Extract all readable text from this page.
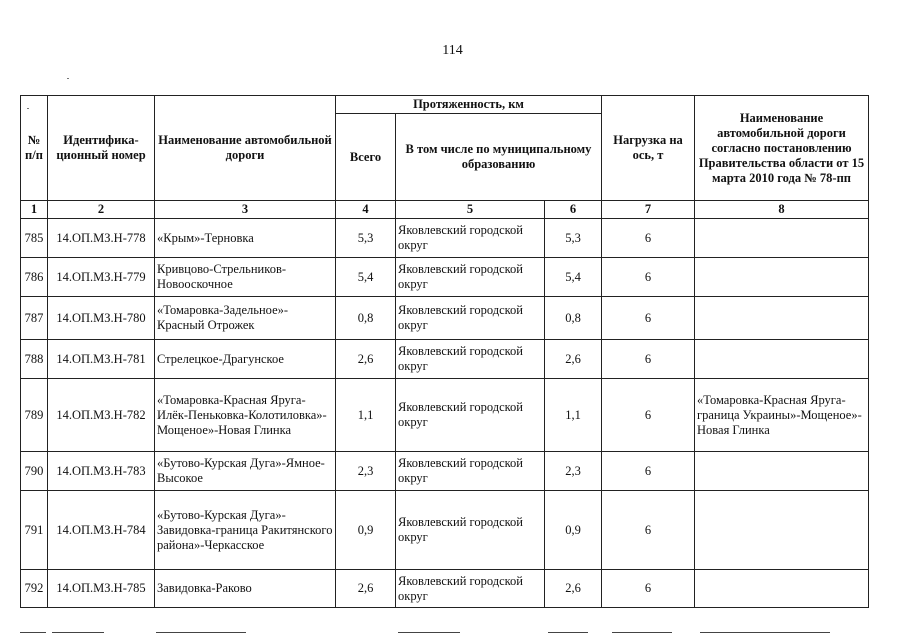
114
№ п/п	Идентифика-ционный номер	Наименование автомобильной дороги	Протяженность, км			Нагрузка на ось, т	Наименование автомобильной дороги согласно постановлению Правительства области от 15 марта 2010 года № 78-пп
			Всего	В том числе по муниципальному образованию			
1	2	3	4	5	6	7	8
785	14.ОП.МЗ.Н-778	«Крым»-Терновка	5,3	Яковлевский городской округ	5,3	6	
786	14.ОП.МЗ.Н-779	Кривцово-Стрельников-Новооскочное	5,4	Яковлевский городской округ	5,4	6	
787	14.ОП.МЗ.Н-780	«Томаровка-Задельное»-Красный Отрожек	0,8	Яковлевский городской округ	0,8	6	
788	14.ОП.МЗ.Н-781	Стрелецкое-Драгунское	2,6	Яковлевский городской округ	2,6	6	
789	14.ОП.МЗ.Н-782	«Томаровка-Красная Яруга-Илёк-Пеньковка-Колотиловка»-Мощеное»-Новая Глинка	1,1	Яковлевский городской округ	1,1	6	«Томаровка-Красная Яруга-граница Украины»-Мощеное»-Новая Глинка
790	14.ОП.МЗ.Н-783	«Бутово-Курская Дуга»-Ямное-Высокое	2,3	Яковлевский городской округ	2,3	6	
791	14.ОП.МЗ.Н-784	«Бутово-Курская Дуга»-Завидовка-граница Ракитянского района»-Черкасское	0,9	Яковлевский городской округ	0,9	6	
792	14.ОП.МЗ.Н-785	Завидовка-Раково	2,6	Яковлевский городской округ	2,6	6	
